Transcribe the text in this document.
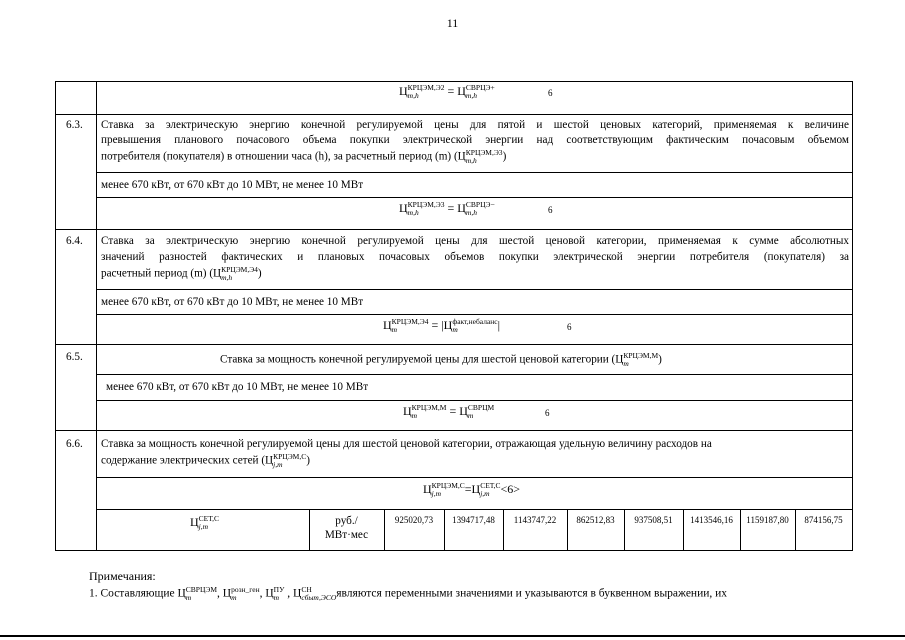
11
Ц КРЦЭМ,Э2
m,h	= Ц СВРЦЭ+
m,h	6
6.3. Ставка за электрическую энергию конечной регулируемой цены для пятой и шестой ценовых категорий, применяемая к величине
превышения планового почасового объема покупки электрической энергии над соответствующим фактическим почасовым объемом
потребителя (покупателя) в отношении часа (h), за расчетный период (m) (Ц КРЦЭМ,Э3
m,h	)
менее 670 кВт, от 670 кВт до 10 МВт, не менее 10 МВт
Ц КРЦЭМ,Э3
m,h	= Ц СВРЦЭ−
m,h	6
6.4. Ставка за электрическую энергию конечной регулируемой цены для шестой ценовой категории, применяемая к сумме абсолютных
значений разностей фактических и плановых почасовых объемов покупки электрической энергии потребителя (покупателя) за
расчетный период (m) (Ц КРЦЭМ,Э4
m,h	)
менее 670 кВт, от 670 кВт до 10 МВт, не менее 10 МВт
Ц КРЦЭМ,Э4
m	= |Ц факт,небаланс
m	|	6
6.5.	Ставка за мощность конечной регулируемой цены для шестой ценовой категории (Ц КРЦЭМ,М
m	)
менее 670 кВт, от 670 кВт до 10 МВт, не менее 10 МВт
Ц КРЦЭМ,М
m	= Ц СВРЦМ
m	6
6.6. Ставка за мощность конечной регулируемой цены для шестой ценовой категории, отражающая удельную величину расходов на
содержание электрических сетей (Ц КРЦЭМ,С
j,m	)
Ц КРЦЭМ,С
j,m	=Ц СЕТ,С
j,m <6>
Ц СЕТ,С
j,m	руб./
МВт·мес
925020,73	1394717,48	1143747,22	862512,83	937508,51	1413546,16	1159187,80	874156,75
Примечания:
1. Составляющие Ц СВРЦЭМ
m	, Ц розн_ген
m	, Ц ПУ
m , Ц СН
сбыт,ЭСО являются переменными значениями и указываются в буквенном выражении, их
